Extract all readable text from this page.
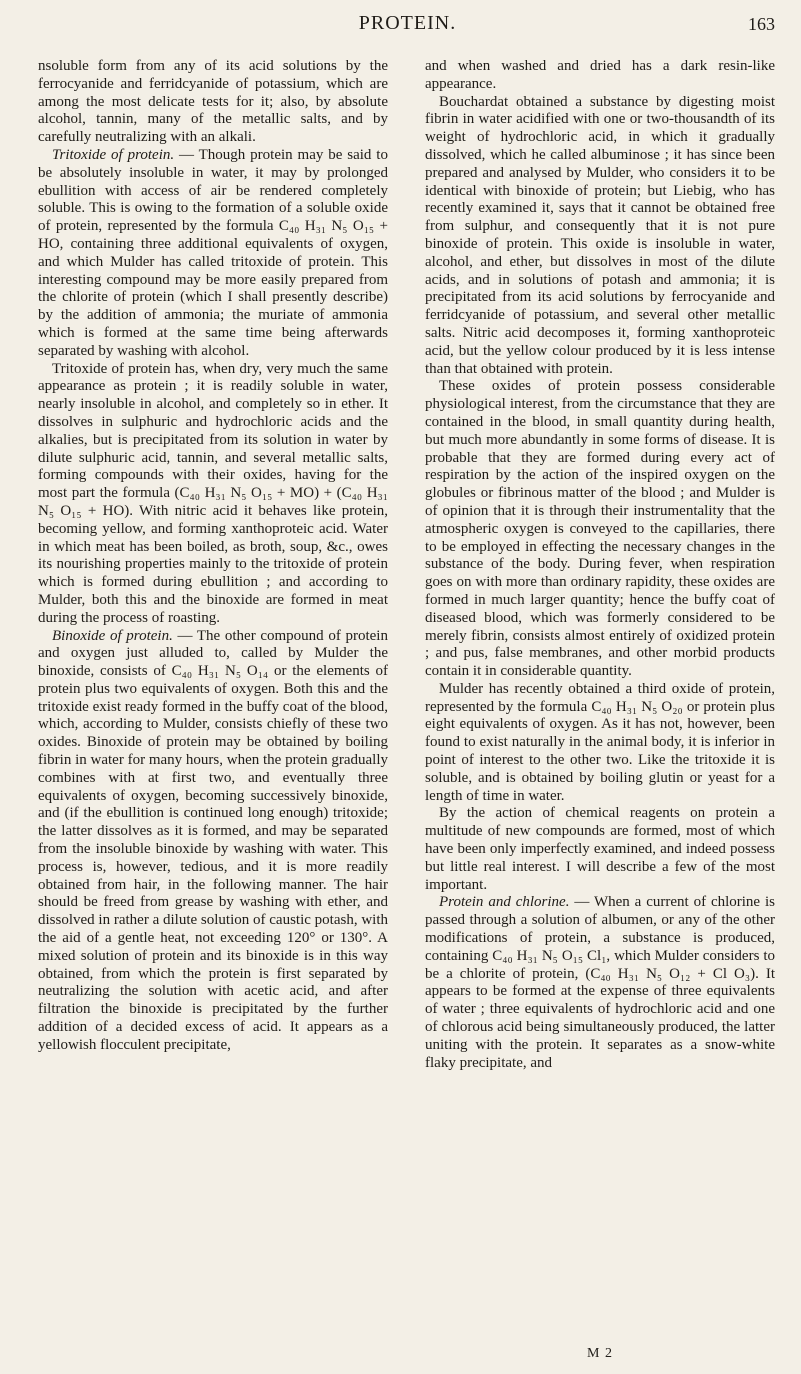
PROTEIN.	163

nsoluble form from any of its acid solutions by the ferrocyanide and ferridcyanide of potassium, which are among the most delicate tests for it; also, by absolute alcohol, tannin, many of the metallic salts, and by carefully neutralizing with an alkali.

Tritoxide of protein. — Though protein may be said to be absolutely insoluble in water, it may by prolonged ebullition with access of air be rendered completely soluble. This is owing to the formation of a soluble oxide of protein, represented by the formula C₄₀ H₃₁ N₅ O₁₅ + HO, containing three additional equivalents of oxygen, and which Mulder has called tritoxide of protein. This interesting compound may be more easily prepared from the chlorite of protein (which I shall presently describe) by the addition of ammonia; the muriate of ammonia which is formed at the same time being afterwards separated by washing with alcohol.

Tritoxide of protein has, when dry, very much the same appearance as protein ; it is readily soluble in water, nearly insoluble in alcohol, and completely so in ether. It dissolves in sulphuric and hydrochloric acids and the alkalies, but is precipitated from its solution in water by dilute sulphuric acid, tannin, and several metallic salts, forming compounds with their oxides, having for the most part the formula (C₄₀ H₃₁ N₅ O₁₅ + MO) + (C₄₀ H₃₁ N₅ O₁₅ + HO). With nitric acid it behaves like protein, becoming yellow, and forming xanthoproteic acid. Water in which meat has been boiled, as broth, soup, &c., owes its nourishing properties mainly to the tritoxide of protein which is formed during ebullition ; and according to Mulder, both this and the binoxide are formed in meat during the process of roasting.

Binoxide of protein. — The other compound of protein and oxygen just alluded to, called by Mulder the binoxide, consists of C₄₀ H₃₁ N₅ O₁₄ or the elements of protein plus two equivalents of oxygen. Both this and the tritoxide exist ready formed in the buffy coat of the blood, which, according to Mulder, consists chiefly of these two oxides. Binoxide of protein may be obtained by boiling fibrin in water for many hours, when the protein gradually combines with at first two, and eventually three equivalents of oxygen, becoming successively binoxide, and (if the ebullition is continued long enough) tritoxide; the latter dissolves as it is formed, and may be separated from the insoluble binoxide by washing with water. This process is, however, tedious, and it is more readily obtained from hair, in the following manner. The hair should be freed from grease by washing with ether, and dissolved in rather a dilute solution of caustic potash, with the aid of a gentle heat, not exceeding 120° or 130°. A mixed solution of protein and its binoxide is in this way obtained, from which the protein is first separated by neutralizing the solution with acetic acid, and after filtration the binoxide is precipitated by the further addition of a decided excess of acid. It appears as a yellowish flocculent precipitate,

and when washed and dried has a dark resin-like appearance.

Bouchardat obtained a substance by digesting moist fibrin in water acidified with one or two-thousandth of its weight of hydrochloric acid, in which it gradually dissolved, which he called albuminose ; it has since been prepared and analysed by Mulder, who considers it to be identical with binoxide of protein; but Liebig, who has recently examined it, says that it cannot be obtained free from sulphur, and consequently that it is not pure binoxide of protein. This oxide is insoluble in water, alcohol, and ether, but dissolves in most of the dilute acids, and in solutions of potash and ammonia; it is precipitated from its acid solutions by ferrocyanide and ferridcyanide of potassium, and several other metallic salts. Nitric acid decomposes it, forming xanthoproteic acid, but the yellow colour produced by it is less intense than that obtained with protein.

These oxides of protein possess considerable physiological interest, from the circumstance that they are contained in the blood, in small quantity during health, but much more abundantly in some forms of disease. It is probable that they are formed during every act of respiration by the action of the inspired oxygen on the globules or fibrinous matter of the blood ; and Mulder is of opinion that it is through their instrumentality that the atmospheric oxygen is conveyed to the capillaries, there to be employed in effecting the necessary changes in the substance of the body. During fever, when respiration goes on with more than ordinary rapidity, these oxides are formed in much larger quantity; hence the buffy coat of diseased blood, which was formerly considered to be merely fibrin, consists almost entirely of oxidized protein ; and pus, false membranes, and other morbid products contain it in considerable quantity.

Mulder has recently obtained a third oxide of protein, represented by the formula C₄₀ H₃₁ N₅ O₂₀ or protein plus eight equivalents of oxygen. As it has not, however, been found to exist naturally in the animal body, it is inferior in point of interest to the other two. Like the tritoxide it is soluble, and is obtained by boiling glutin or yeast for a length of time in water.

By the action of chemical reagents on protein a multitude of new compounds are formed, most of which have been only imperfectly examined, and indeed possess but little real interest. I will describe a few of the most important.

Protein and chlorine. — When a current of chlorine is passed through a solution of albumen, or any of the other modifications of protein, a substance is produced, containing C₄₀ H₃₁ N₅ O₁₅ Cl₁, which Mulder considers to be a chlorite of protein, (C₄₀ H₃₁ N₅ O₁₂ + Cl O₃). It appears to be formed at the expense of three equivalents of water ; three equivalents of hydrochloric acid and one of chlorous acid being simultaneously produced, the latter uniting with the protein. It separates as a snow-white flaky precipitate, and

M 2
